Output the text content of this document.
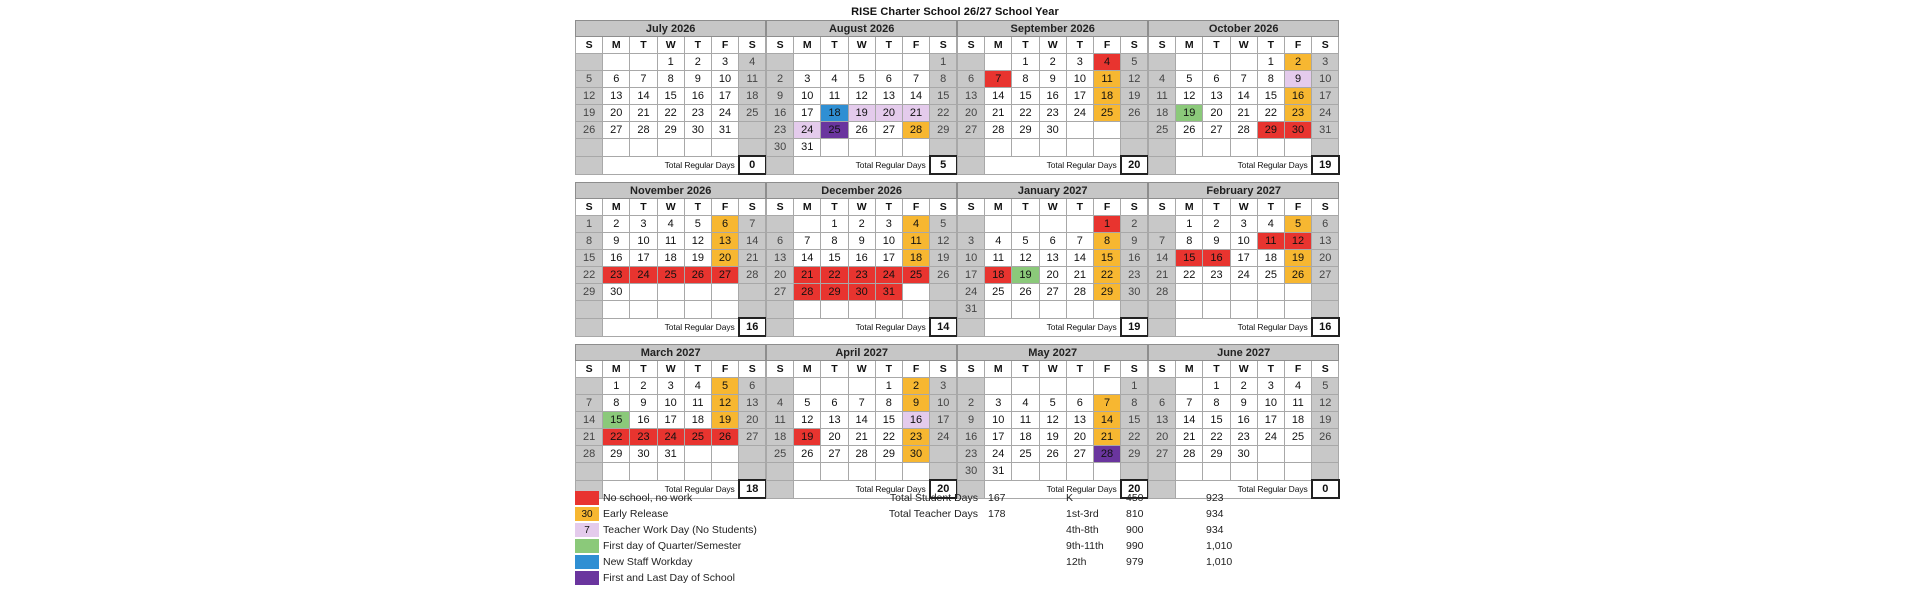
RISE Charter School 26/27 School Year
July 2026						
S	M	T	W	T	F	S
			1	2	3	4
5	6	7	8	9	10	11
12	13	14	15	16	17	18
19	20	21	22	23	24	25
26	27	28	29	30	31	

	Total Regular Days					0
August 2026						
S	M	T	W	T	F	S
						1
2	3	4	5	6	7	8
9	10	11	12	13	14	15
16	17	18	19	20	21	22
23	24	25	26	27	28	29
30	31					
	Total Regular Days					5
September 2026						
S	M	T	W	T	F	S
		1	2	3	4	5
6	7	8	9	10	11	12
13	14	15	16	17	18	19
20	21	22	23	24	25	26
27	28	29	30			

	Total Regular Days					20
October 2026						
S	M	T	W	T	F	S
				1	2	3
4	5	6	7	8	9	10
11	12	13	14	15	16	17
18	19	20	21	22	23	24
25	26	27	28	29	30	31

	Total Regular Days					19
November 2026						
S	M	T	W	T	F	S
1	2	3	4	5	6	7
8	9	10	11	12	13	14
15	16	17	18	19	20	21
22	23	24	25	26	27	28
29	30					

	Total Regular Days					16
December 2026						
S	M	T	W	T	F	S
		1	2	3	4	5
6	7	8	9	10	11	12
13	14	15	16	17	18	19
20	21	22	23	24	25	26
27	28	29	30	31		

	Total Regular Days					14
January 2027						
S	M	T	W	T	F	S
					1	2
3	4	5	6	7	8	9
10	11	12	13	14	15	16
17	18	19	20	21	22	23
24	25	26	27	28	29	30
31						
	Total Regular Days					19
February 2027						
S	M	T	W	T	F	S
	1	2	3	4	5	6
7	8	9	10	11	12	13
14	15	16	17	18	19	20
21	22	23	24	25	26	27
28						

	Total Regular Days					16
March 2027						
S	M	T	W	T	F	S
	1	2	3	4	5	6
7	8	9	10	11	12	13
14	15	16	17	18	19	20
21	22	23	24	25	26	27
28	29	30	31			

	Total Regular Days					18
April 2027						
S	M	T	W	T	F	S
				1	2	3
4	5	6	7	8	9	10
11	12	13	14	15	16	17
18	19	20	21	22	23	24
25	26	27	28	29	30	

	Total Regular Days					20
May 2027						
S	M	T	W	T	F	S
						1
2	3	4	5	6	7	8
9	10	11	12	13	14	15
16	17	18	19	20	21	22
23	24	25	26	27	28	29
30	31					
	Total Regular Days					20
June 2027						
S	M	T	W	T	F	S
		1	2	3	4	5
6	7	8	9	10	11	12
13	14	15	16	17	18	19
20	21	22	23	24	25	26
27	28	29	30			

	Total Regular Days					0
No school, no work
30 Early Release
7	Teacher Work Day (No Students)
First day of Quarter/Semester
New Staff Workday
First and Last Day of School
Total Student Days 167
Total Teacher Days 178
K	450	923
1st-3rd	810	934
4th-8th	900	934
9th-11th	990	1,010
12th	979	1,010
